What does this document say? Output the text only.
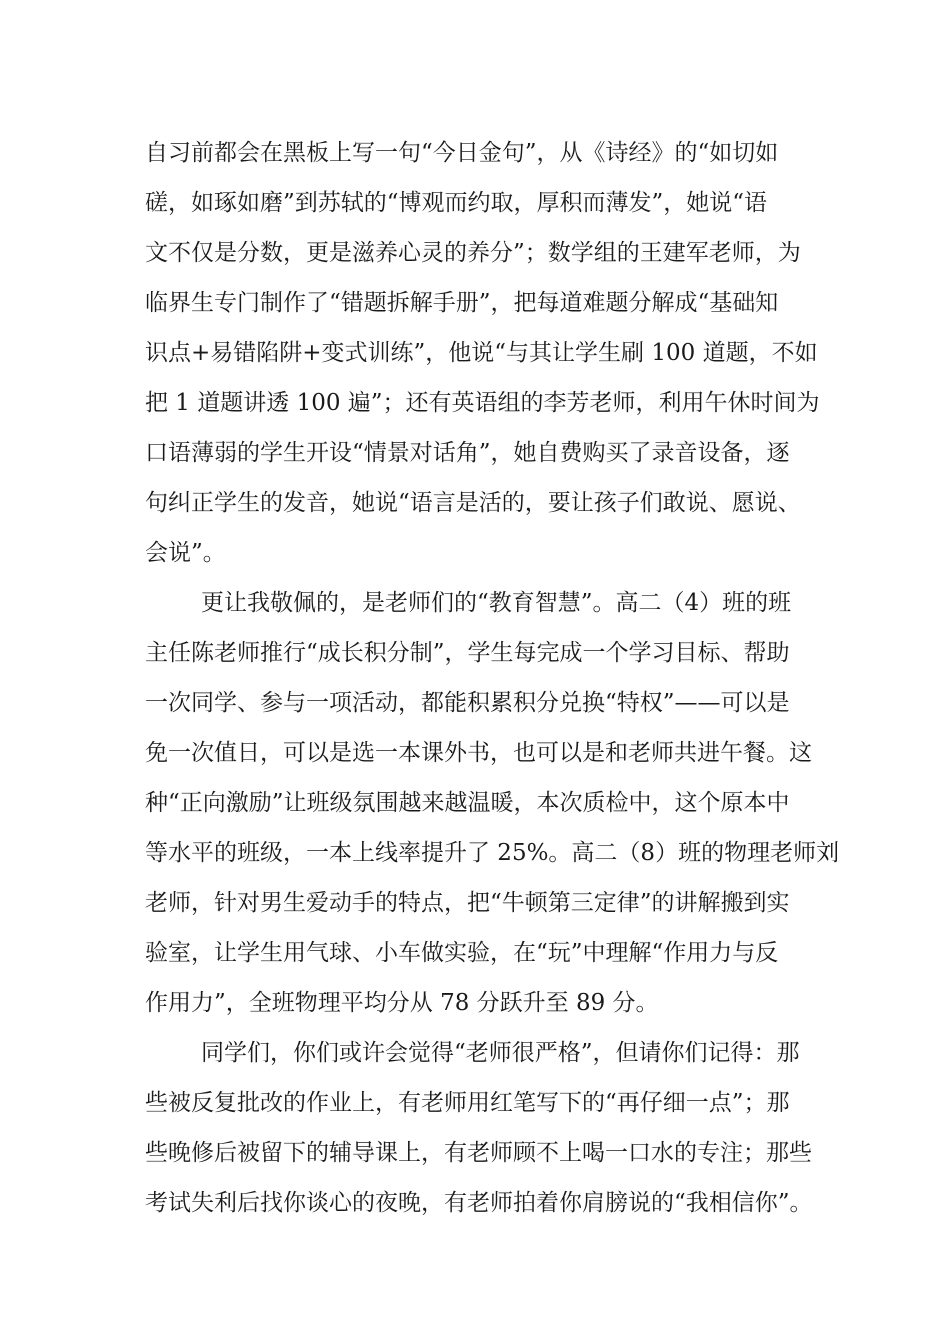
自习前都会在黑板上写一句“今日金句”，从《诗经》的“如切如
磋，如琢如磨”到苏轼的“博观而约取，厚积而薄发”，她说“语
文不仅是分数，更是滋养心灵的养分”；数学组的王建军老师，为
临界生专门制作了“错题拆解手册”，把每道难题分解成“基础知
识点+易错陷阱+变式训练”，他说“与其让学生刷 100 道题，不如
把 1 道题讲透 100 遍”；还有英语组的李芳老师，利用午休时间为
口语薄弱的学生开设“情景对话角”，她自费购买了录音设备，逐
句纠正学生的发音，她说“语言是活的，要让孩子们敢说、愿说、
会说”。
更让我敬佩的，是老师们的“教育智慧”。高二（4）班的班
主任陈老师推行“成长积分制”，学生每完成一个学习目标、帮助
一次同学、参与一项活动，都能积累积分兑换“特权”——可以是
免一次值日，可以是选一本课外书，也可以是和老师共进午餐。这
种“正向激励”让班级氛围越来越温暖，本次质检中，这个原本中
等水平的班级，一本上线率提升了 25%。高二（8）班的物理老师刘
老师，针对男生爱动手的特点，把“牛顿第三定律”的讲解搬到实
验室，让学生用气球、小车做实验，在“玩”中理解“作用力与反
作用力”，全班物理平均分从 78 分跃升至 89 分。
同学们，你们或许会觉得“老师很严格”，但请你们记得：那
些被反复批改的作业上，有老师用红笔写下的“再仔细一点”；那
些晚修后被留下的辅导课上，有老师顾不上喝一口水的专注；那些
考试失利后找你谈心的夜晚，有老师拍着你肩膀说的“我相信你”。
